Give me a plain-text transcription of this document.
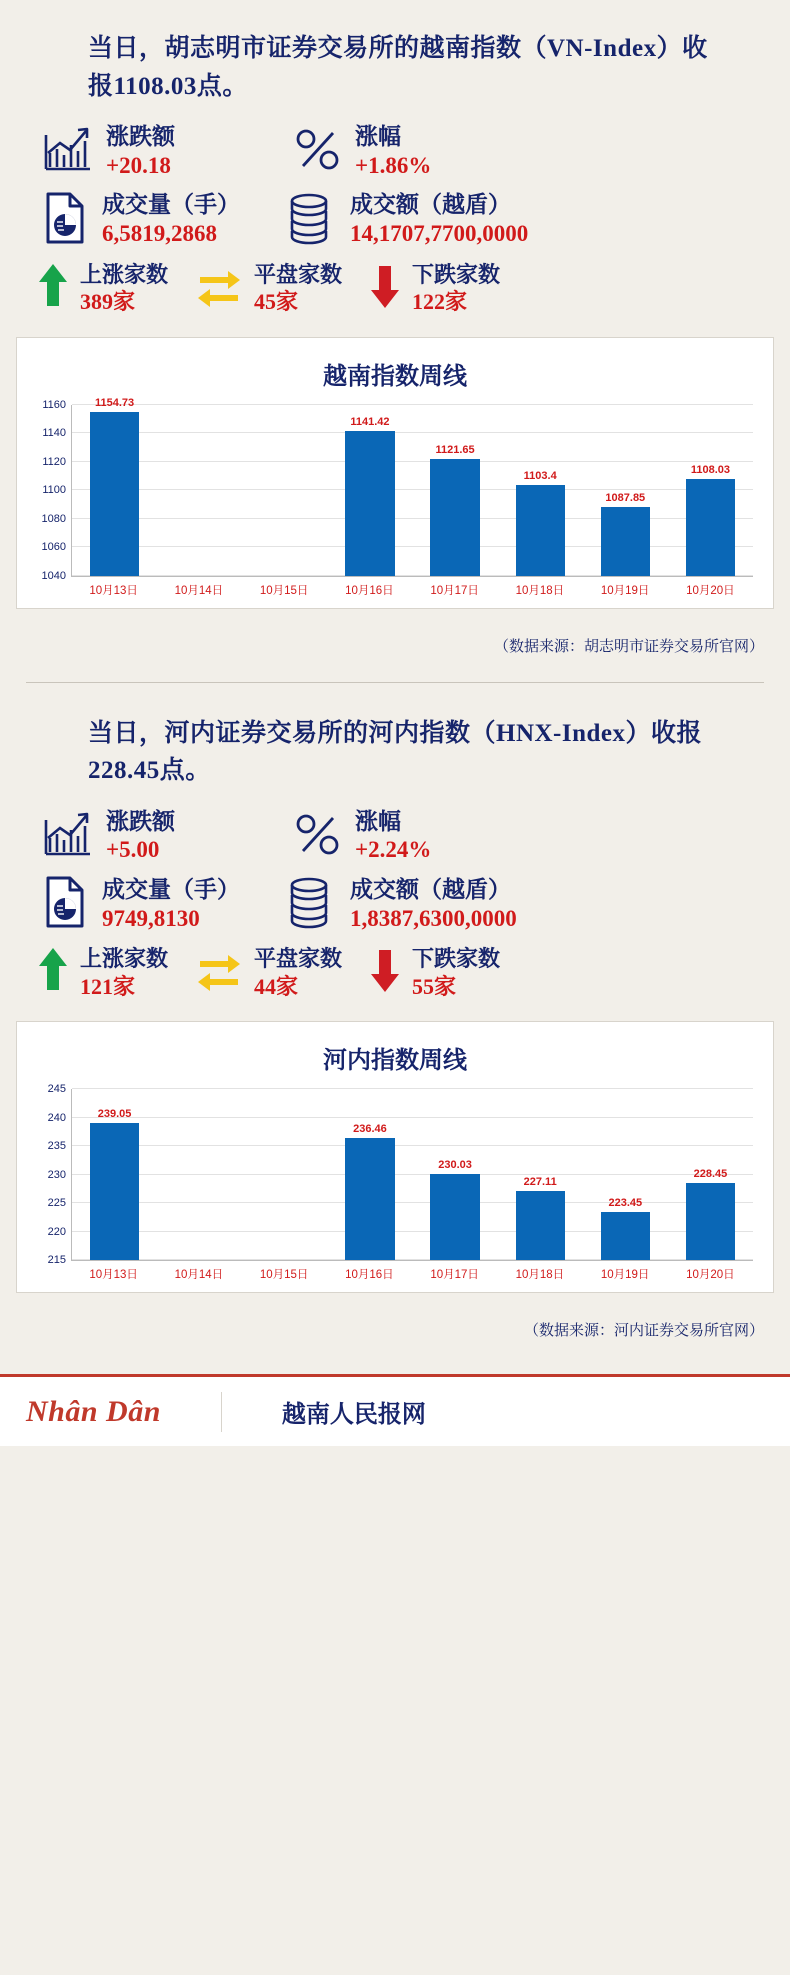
当日，胡志明市证券交易所的越南指数（VN-Index）收报1108.03点。
涨跌额
+20.18
涨幅
+1.86%
成交量（手）
6,5819,2868
成交额（越盾）
14,1707,7700,0000
上涨家数
389家
平盘家数
45家
下跌家数
122家
越南指数周线
1040
1060
1080
1100
1120
1140
1160	1154.73
1141.42
1121.65
1103.4
1087.85
1108.03
10月13日	10月14日	10月15日	10月16日	10月17日	10月18日	10月19日	10月20日
（数据来源：胡志明市证券交易所官网）
当日，河内证券交易所的河内指数（HNX-Index）收报228.45点。
涨跌额
+5.00
涨幅
+2.24%
成交量（手）
9749,8130
成交额（越盾）
1,8387,6300,0000
上涨家数
121家
平盘家数
44家
下跌家数
55家
河内指数周线
215
220
225
230
235
240
245
239.05
236.46
230.03
227.11
223.45
228.45
10月13日	10月14日	10月15日	10月16日	10月17日	10月18日	10月19日	10月20日
（数据来源：河内证券交易所官网）
Nhân Dân	越南人民报网
